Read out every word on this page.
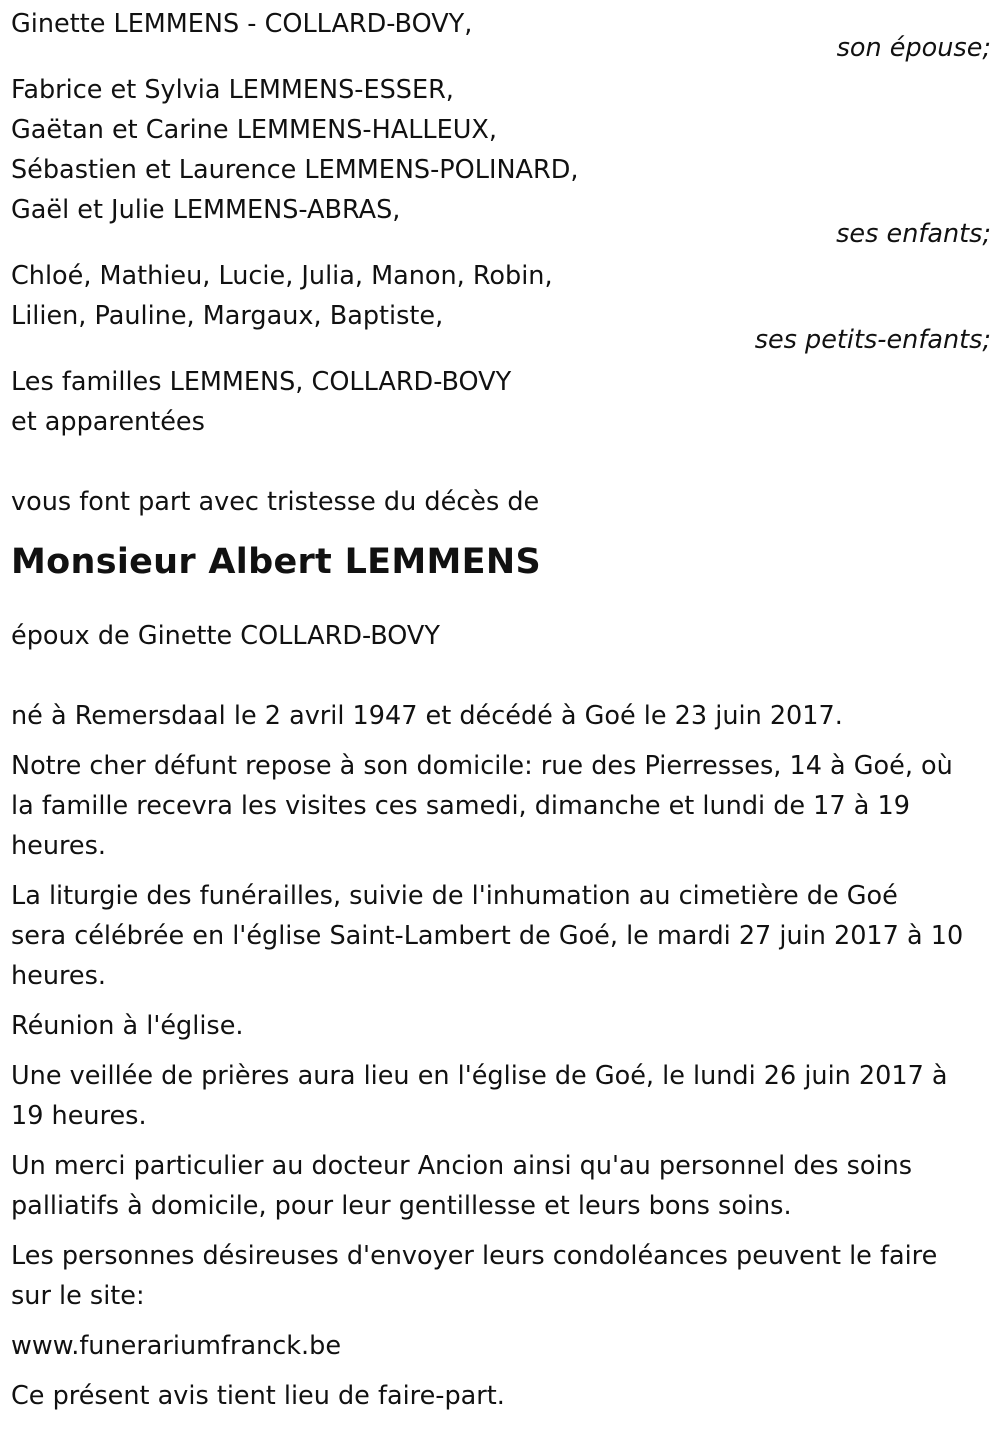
Ginette LEMMENS - COLLARD-BOVY,
son épouse;
Fabrice et Sylvia LEMMENS-ESSER,
Gaëtan et Carine LEMMENS-HALLEUX,
Sébastien et Laurence LEMMENS-POLINARD,
Gaël et Julie LEMMENS-ABRAS,
ses enfants;
Chloé, Mathieu, Lucie, Julia, Manon, Robin,
Lilien, Pauline, Margaux, Baptiste,
ses petits-enfants;
Les familles LEMMENS, COLLARD-BOVY
et apparentées
vous font part avec tristesse du décès de
Monsieur Albert LEMMENS
époux de Ginette COLLARD-BOVY
né à Remersdaal le 2 avril 1947 et décédé à Goé le 23 juin 2017.
Notre cher défunt repose à son domicile: rue des Pierresses, 14 à Goé, où
la famille recevra les visites ces samedi, dimanche et lundi de 17 à 19
heures.
La liturgie des funérailles, suivie de l'inhumation au cimetière de Goé
sera célébrée en l'église Saint-Lambert de Goé, le mardi 27 juin 2017 à 10
heures.
Réunion à l'église.
Une veillée de prières aura lieu en l'église de Goé, le lundi 26 juin 2017 à
19 heures.
Un merci particulier au docteur Ancion ainsi qu'au personnel des soins
palliatifs à domicile, pour leur gentillesse et leurs bons soins.
Les personnes désireuses d'envoyer leurs condoléances peuvent le faire
sur le site:
www.funerariumfranck.be
Ce présent avis tient lieu de faire-part.
